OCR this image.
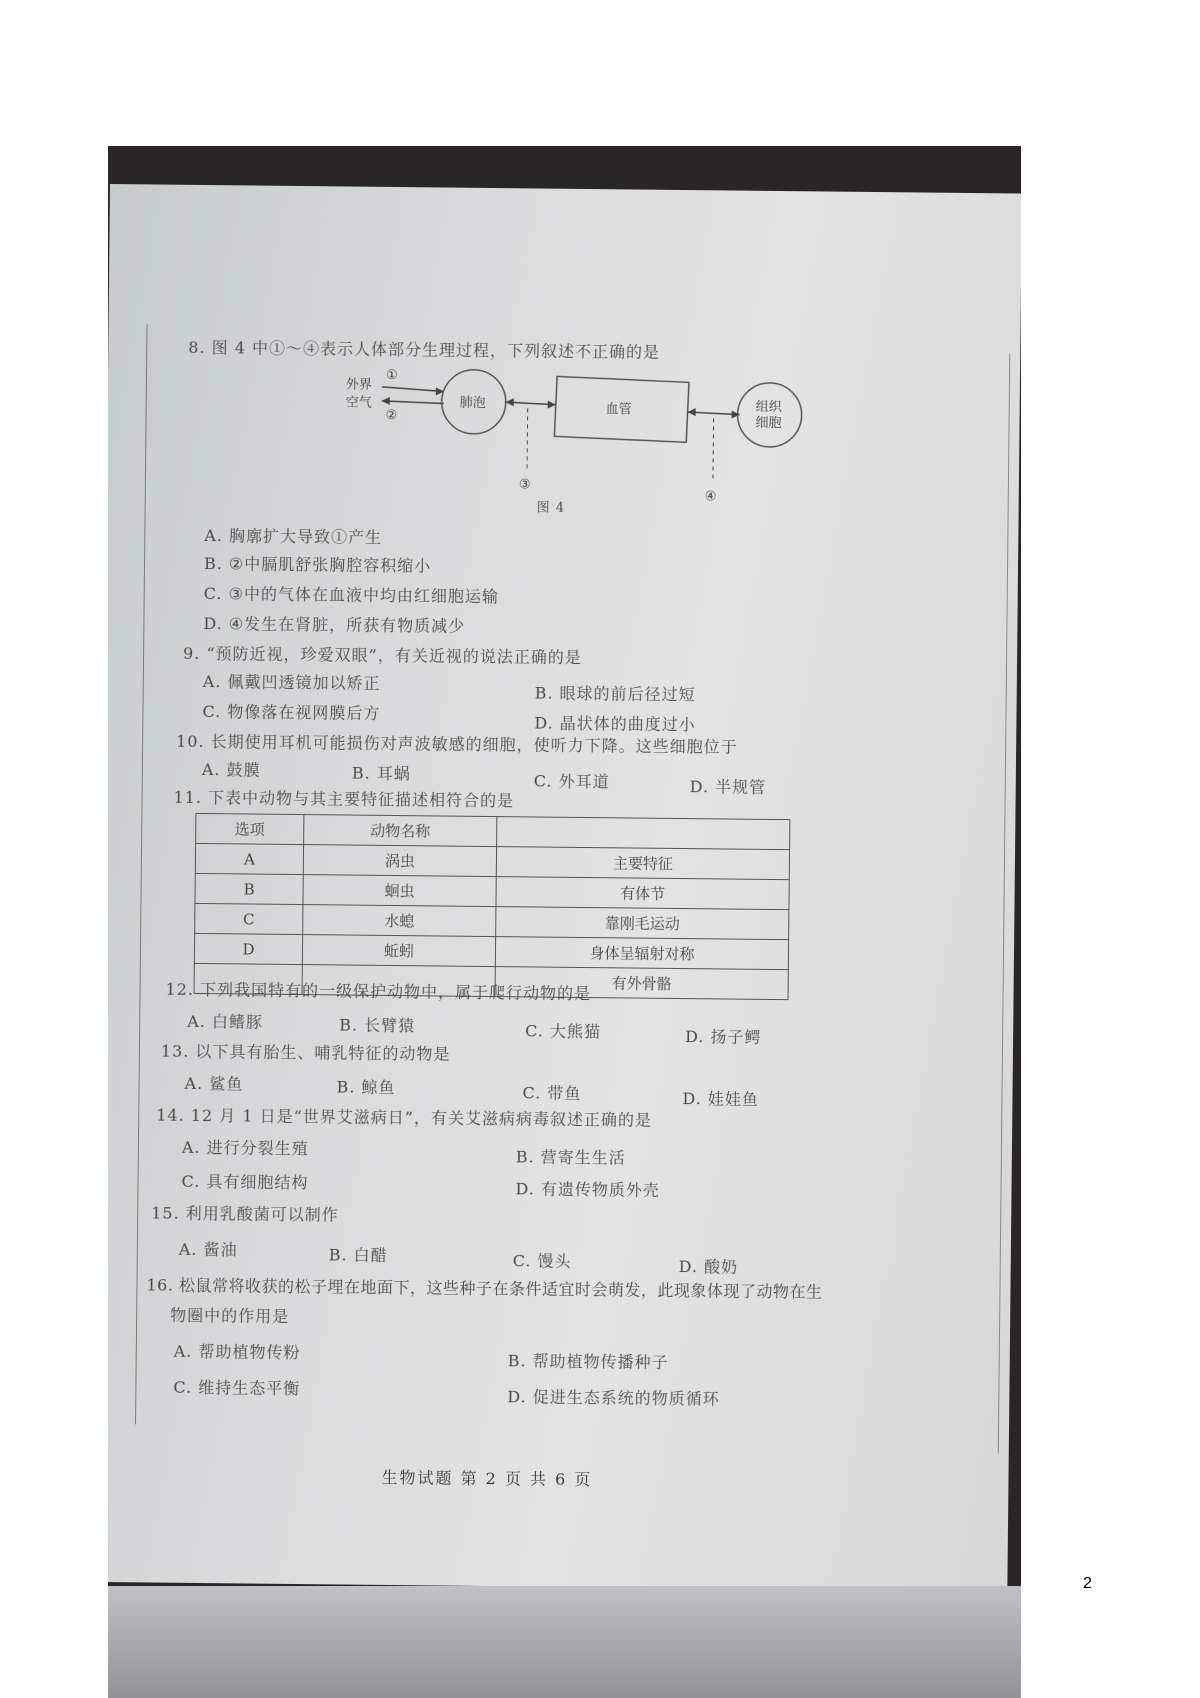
8. 图 4 中①～④表示人体部分生理过程，下列叙述不正确的是
外界
空气
①
②
肺泡
③
血管
④
组织
细胞
图 4
A. 胸廓扩大导致①产生
B. ②中膈肌舒张胸腔容积缩小
C. ③中的气体在血液中均由红细胞运输
D. ④发生在肾脏，所获有物质减少
9. “预防近视，珍爱双眼”，有关近视的说法正确的是
A. 佩戴凹透镜加以矫正
B. 眼球的前后径过短
C. 物像落在视网膜后方
D. 晶状体的曲度过小
10. 长期使用耳机可能损伤对声波敏感的细胞，使听力下降。这些细胞位于
A. 鼓膜	B. 耳蜗	C. 外耳道	D. 半规管
11. 下表中动物与其主要特征描述相符合的是
选项	动物名称	
A	涡虫	主要特征
B	蛔虫	有体节
C	水螅	靠刚毛运动
D	蚯蚓	身体呈辐射对称
		有外骨骼
12. 下列我国特有的一级保护动物中，属于爬行动物的是
A. 白鳍豚	B. 长臂猿	C. 大熊猫	D. 扬子鳄
13. 以下具有胎生、哺乳特征的动物是
A. 鲨鱼	B. 鲸鱼	C. 带鱼	D. 娃娃鱼
14. 12 月 1 日是“世界艾滋病日”，有关艾滋病病毒叙述正确的是
A. 进行分裂生殖	B. 营寄生生活
C. 具有细胞结构	D. 有遗传物质外壳
15. 利用乳酸菌可以制作
A. 酱油	B. 白醋	C. 馒头	D. 酸奶
16. 松鼠常将收获的松子埋在地面下，这些种子在条件适宜时会萌发，此现象体现了动物在生
物圈中的作用是
A. 帮助植物传粉	B. 帮助植物传播种子
C. 维持生态平衡	D. 促进生态系统的物质循环
生物试题 第 2 页 共 6 页
2
